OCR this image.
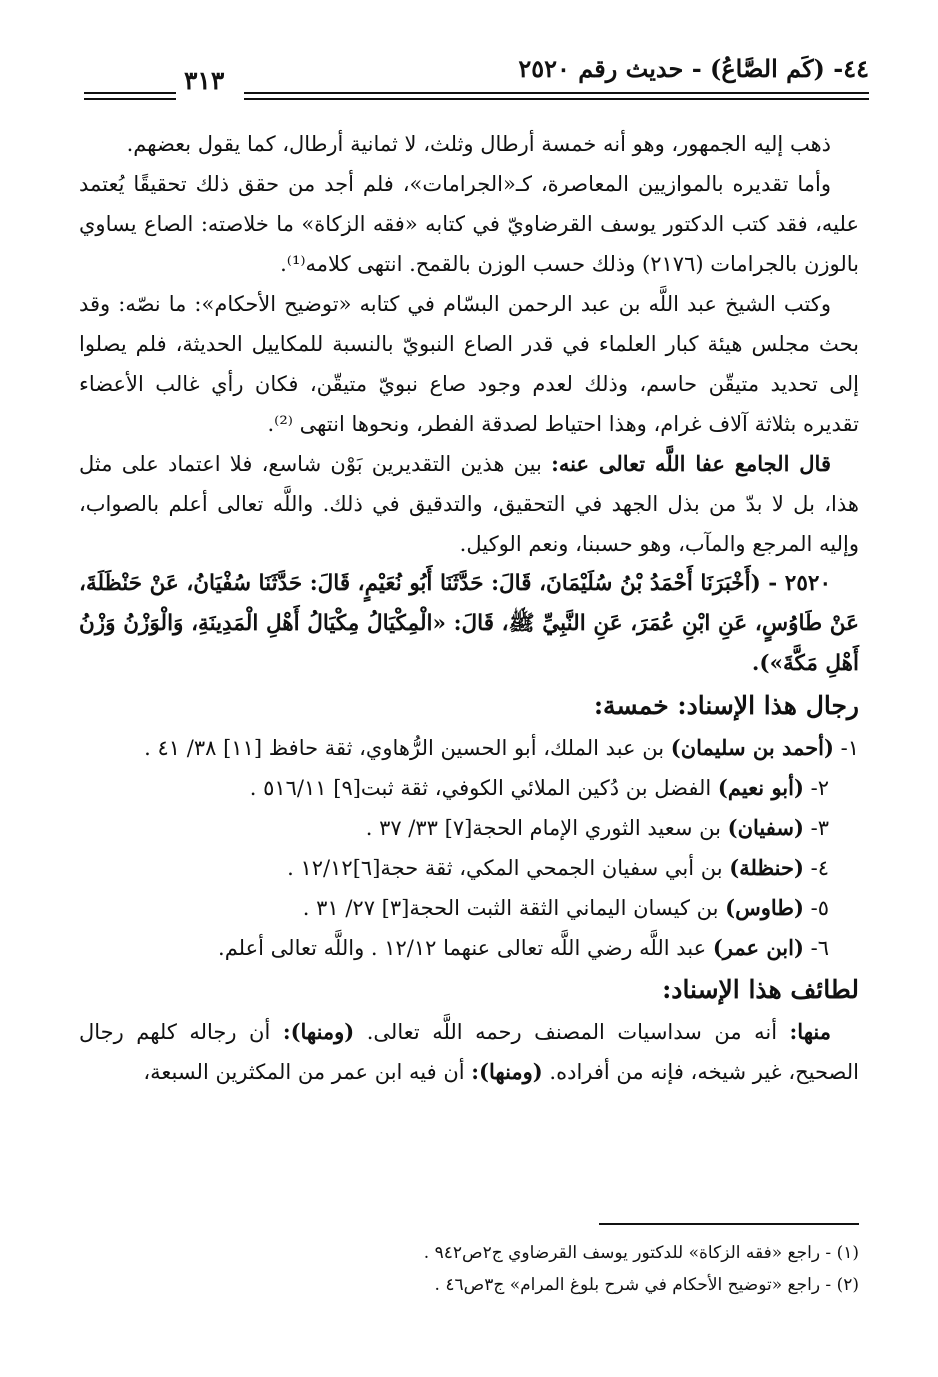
٤٤- (كَم الصَّاعُ) - حديث رقم ٢٥٢٠
٣١٣

ذهب إليه الجمهور، وهو أنه خمسة أرطال وثلث، لا ثمانية أرطال، كما يقول بعضهم.

وأما تقديره بالموازيين المعاصرة، كـ«الجرامات»، فلم أجد من حقق ذلك تحقيقًا يُعتمد عليه، فقد كتب الدكتور يوسف القرضاويّ في كتابه «فقه الزكاة» ما خلاصته: الصاع يساوي بالوزن بالجرامات (٢١٧٦) وذلك حسب الوزن بالقمح. انتهى كلامه⁽¹⁾.

وكتب الشيخ عبد اللَّه بن عبد الرحمن البسّام في كتابه «توضيح الأحكام»: ما نصّه: وقد بحث مجلس هيئة كبار العلماء في قدر الصاع النبويّ بالنسبة للمكاييل الحديثة، فلم يصلوا إلى تحديد متيقّن حاسم، وذلك لعدم وجود صاع نبويّ متيقّن، فكان رأي غالب الأعضاء تقديره بثلاثة آلاف غرام، وهذا احتياط لصدقة الفطر، ونحوها انتهى ⁽²⁾.

قال الجامع عفا اللَّه تعالى عنه: بين هذين التقديرين بَوْن شاسع، فلا اعتماد على مثل هذا، بل لا بدّ من بذل الجهد في التحقيق، والتدقيق في ذلك. واللَّه تعالى أعلم بالصواب، وإليه المرجع والمآب، وهو حسبنا، ونعم الوكيل.

٢٥٢٠ - (أَخْبَرَنَا أَحْمَدُ بْنُ سُلَيْمَانَ، قَالَ: حَدَّثَنَا أَبُو نُعَيْمٍ، قَالَ: حَدَّثَنَا سُفْيَانُ، عَنْ حَنْظَلَةَ، عَنْ طَاوُسٍ، عَنِ ابْنِ عُمَرَ، عَنِ النَّبِيِّ ﷺ، قَالَ: «الْمِكْيَالُ مِكْيَالُ أَهْلِ الْمَدِينَةِ، وَالْوَزْنُ وَزْنُ أَهْلِ مَكَّةَ»).

رجال هذا الإسناد: خمسة:
١- (أحمد بن سليمان) بن عبد الملك، أبو الحسين الرُّهاوي، ثقة حافظ [١١] ٣٨/ ٤١ .
٢- (أبو نعيم) الفضل بن دُكين الملائي الكوفي، ثقة ثبت[٩] ٥١٦/١١ .
٣- (سفيان) بن سعيد الثوري الإمام الحجة[٧] ٣٣/ ٣٧ .
٤- (حنظلة) بن أبي سفيان الجمحي المكي، ثقة حجة[٦]١٢/١٢ .
٥- (طاوس) بن كيسان اليماني الثقة الثبت الحجة[٣] ٢٧/ ٣١ .
٦- (ابن عمر) عبد اللَّه رضي اللَّه تعالى عنهما ١٢/١٢ . واللَّه تعالى أعلم.
لطائف هذا الإسناد:

منها: أنه من سداسيات المصنف رحمه اللَّه تعالى. (ومنها): أن رجاله كلهم رجال الصحيح، غير شيخه، فإنه من أفراده. (ومنها): أن فيه ابن عمر من المكثرين السبعة،

(١) - راجع «فقه الزكاة» للدكتور يوسف القرضاوي ج٢ص٩٤٢ .
(٢) - راجع «توضيح الأحكام في شرح بلوغ المرام» ج٣ص٤٦ .
